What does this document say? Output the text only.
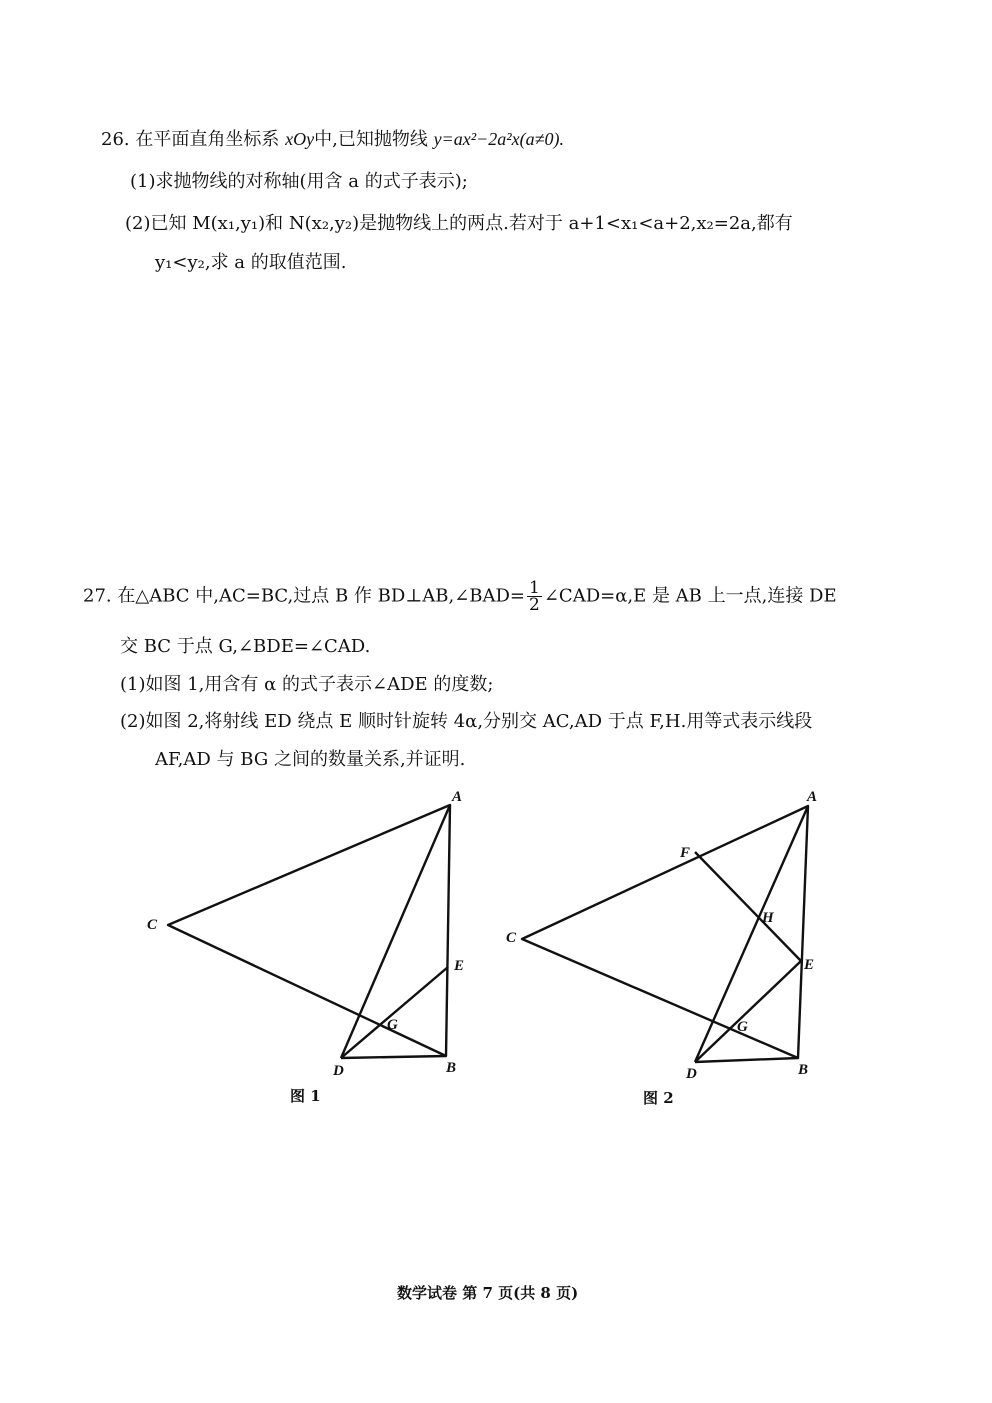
26. 在平面直角坐标系 xOy中,已知抛物线 y=ax²−2a²x(a≠0).
(1)求抛物线的对称轴(用含 a 的式子表示);
(2)已知 M(x₁,y₁)和 N(x₂,y₂)是抛物线上的两点.若对于 a+1<x₁<a+2,x₂=2a,都有
y₁<y₂,求 a 的取值范围.
27. 在△ABC 中,AC=BC,过点 B 作 BD⊥AB,∠BAD= $\frac{1}{2}$ ∠CAD=α,E 是 AB 上一点,连接 DE
交 BC 于点 G,∠BDE=∠CAD.
(1)如图 1,用含有 α 的式子表示∠ADE 的度数;
(2)如图 2,将射线 ED 绕点 E 顺时针旋转 4α,分别交 AC,AD 于点 F,H.用等式表示线段
AF,AD 与 BG 之间的数量关系,并证明.
A
C
E
G
D	B
A
F
H
C
E
G
D	B
图 1	图 2
数学试卷 第 7 页(共 8 页)
